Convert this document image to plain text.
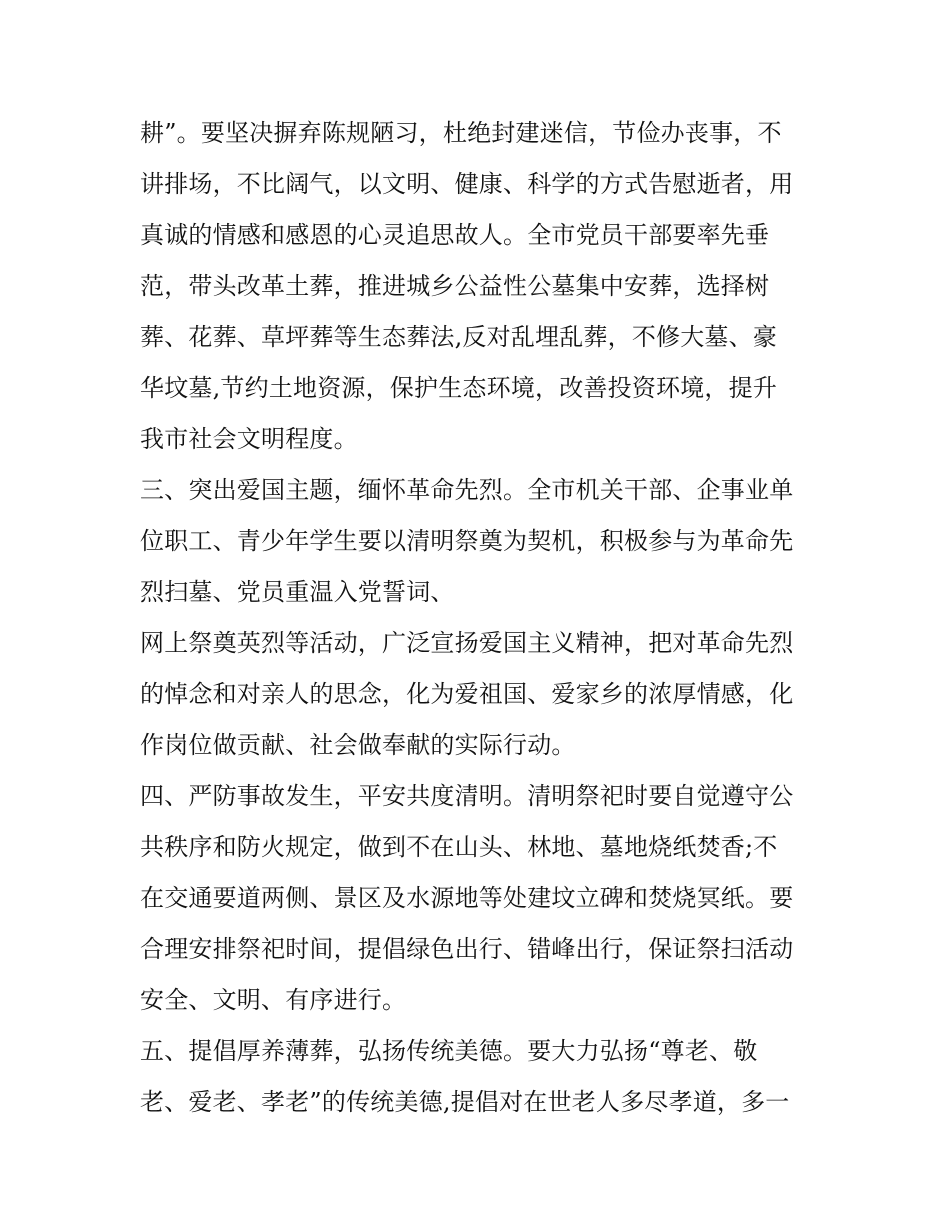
耕”。要坚决摒弃陈规陋习，杜绝封建迷信，节俭办丧事，不
讲排场，不比阔气，以文明、健康、科学的方式告慰逝者，用
真诚的情感和感恩的心灵追思故人。全市党员干部要率先垂
范，带头改革土葬，推进城乡公益性公墓集中安葬，选择树
葬、花葬、草坪葬等生态葬法,反对乱埋乱葬，不修大墓、豪
华坟墓,节约土地资源，保护生态环境，改善投资环境，提升
我市社会文明程度。
三、突出爱国主题，缅怀革命先烈。全市机关干部、企事业单
位职工、青少年学生要以清明祭奠为契机，积极参与为革命先
烈扫墓、党员重温入党誓词、
网上祭奠英烈等活动，广泛宣扬爱国主义精神，把对革命先烈
的悼念和对亲人的思念，化为爱祖国、爱家乡的浓厚情感，化
作岗位做贡献、社会做奉献的实际行动。
四、严防事故发生，平安共度清明。清明祭祀时要自觉遵守公
共秩序和防火规定，做到不在山头、林地、墓地烧纸焚香;不
在交通要道两侧、景区及水源地等处建坟立碑和焚烧冥纸。要
合理安排祭祀时间，提倡绿色出行、错峰出行，保证祭扫活动
安全、文明、有序进行。
五、提倡厚养薄葬，弘扬传统美德。要大力弘扬“尊老、敬
老、爱老、孝老”的传统美德,提倡对在世老人多尽孝道，多一
